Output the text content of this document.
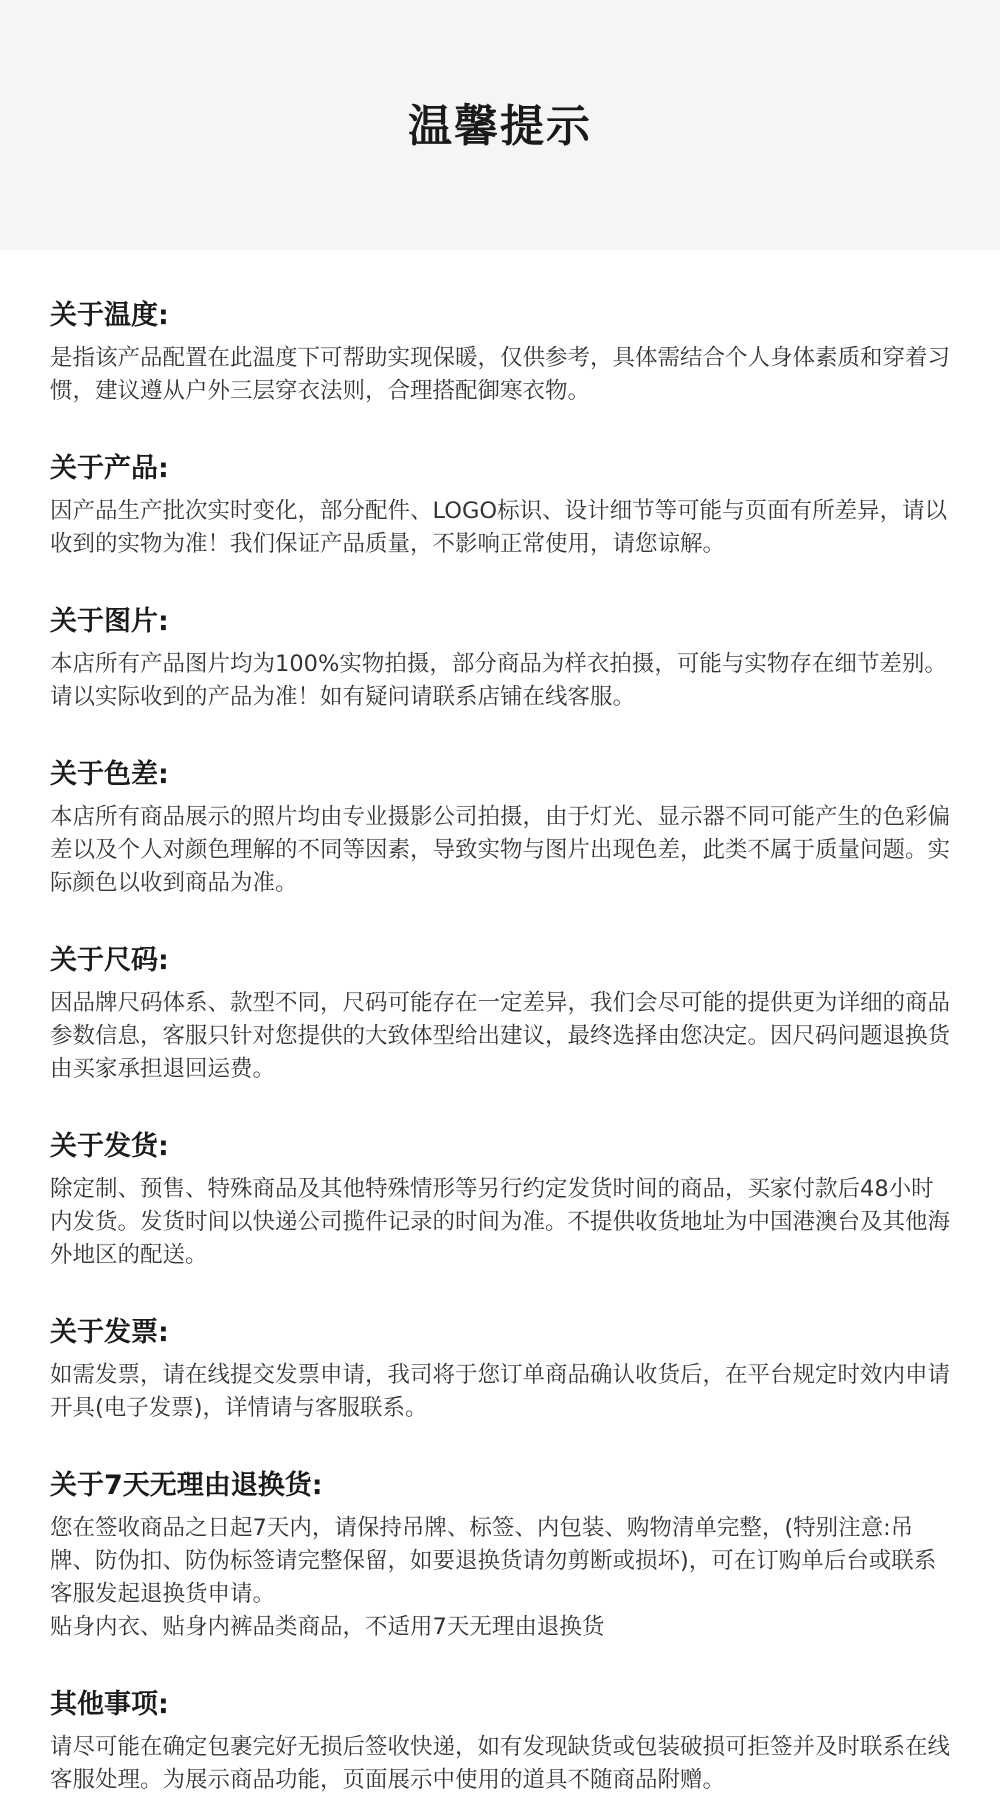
温馨提示
关于温度:

是指该产品配置在此温度下可帮助实现保暖，仅供参考，具体需结合个人身体素质和穿着习惯，建议遵从户外三层穿衣法则，合理搭配御寒衣物。

关于产品:

因产品生产批次实时变化，部分配件、LOGO标识、设计细节等可能与页面有所差异，请以收到的实物为准！我们保证产品质量，不影响正常使用，请您谅解。

关于图片:

本店所有产品图片均为100%实物拍摄，部分商品为样衣拍摄，可能与实物存在细节差别。请以实际收到的产品为准！如有疑问请联系店铺在线客服。

关于色差:

本店所有商品展示的照片均由专业摄影公司拍摄，由于灯光、显示器不同可能产生的色彩偏差以及个人对颜色理解的不同等因素，导致实物与图片出现色差，此类不属于质量问题。实际颜色以收到商品为准。

关于尺码:

因品牌尺码体系、款型不同，尺码可能存在一定差异，我们会尽可能的提供更为详细的商品参数信息，客服只针对您提供的大致体型给出建议，最终选择由您决定。因尺码问题退换货由买家承担退回运费。

关于发货:

除定制、预售、特殊商品及其他特殊情形等另行约定发货时间的商品，买家付款后48小时内发货。发货时间以快递公司揽件记录的时间为准。不提供收货地址为中国港澳台及其他海外地区的配送。

关于发票:

如需发票，请在线提交发票申请，我司将于您订单商品确认收货后，在平台规定时效内申请开具(电子发票)，详情请与客服联系。

关于7天无理由退换货:

您在签收商品之日起7天内，请保持吊牌、标签、内包装、购物清单完整，(特别注意:吊牌、防伪扣、防伪标签请完整保留，如要退换货请勿剪断或损坏)，可在订购单后台或联系客服发起退换货申请。

贴身内衣、贴身内裤品类商品，不适用7天无理由退换货

其他事项:

请尽可能在确定包裹完好无损后签收快递，如有发现缺货或包装破损可拒签并及时联系在线客服处理。为展示商品功能，页面展示中使用的道具不随商品附赠。
